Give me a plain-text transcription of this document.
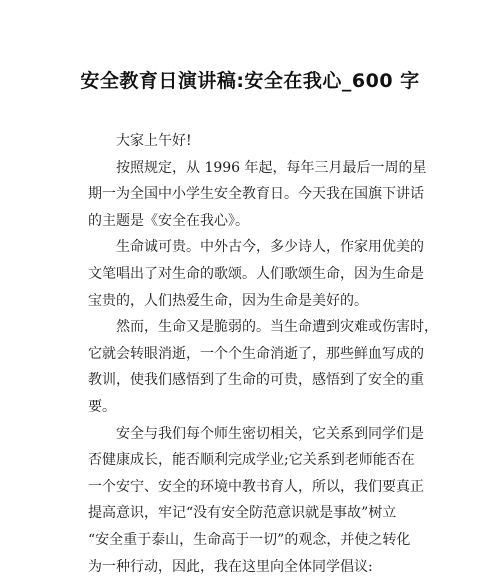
安全教育日演讲稿:安全在我心_600 字
大家上午好!
按照规定，从 1996 年起，每年三月最后一周的星
期一为全国中小学生安全教育日。今天我在国旗下讲话
的主题是《安全在我心》。
生命诚可贵。中外古今，多少诗人，作家用优美的
文笔唱出了对生命的歌颂。人们歌颂生命，因为生命是
宝贵的，人们热爱生命，因为生命是美好的。
然而，生命又是脆弱的。当生命遭到灾难或伤害时，
它就会转眼消逝，一个个生命消逝了，那些鲜血写成的
教训，使我们感悟到了生命的可贵，感悟到了安全的重
要。
安全与我们每个师生密切相关，它关系到同学们是
否健康成长，能否顺利完成学业;它关系到老师能否在
一个安宁、安全的环境中教书育人，所以，我们要真正
提高意识，牢记“没有安全防范意识就是事故”树立
“安全重于泰山，生命高于一切”的观念，并使之转化
为一种行动，因此，我在这里向全体同学倡议:
